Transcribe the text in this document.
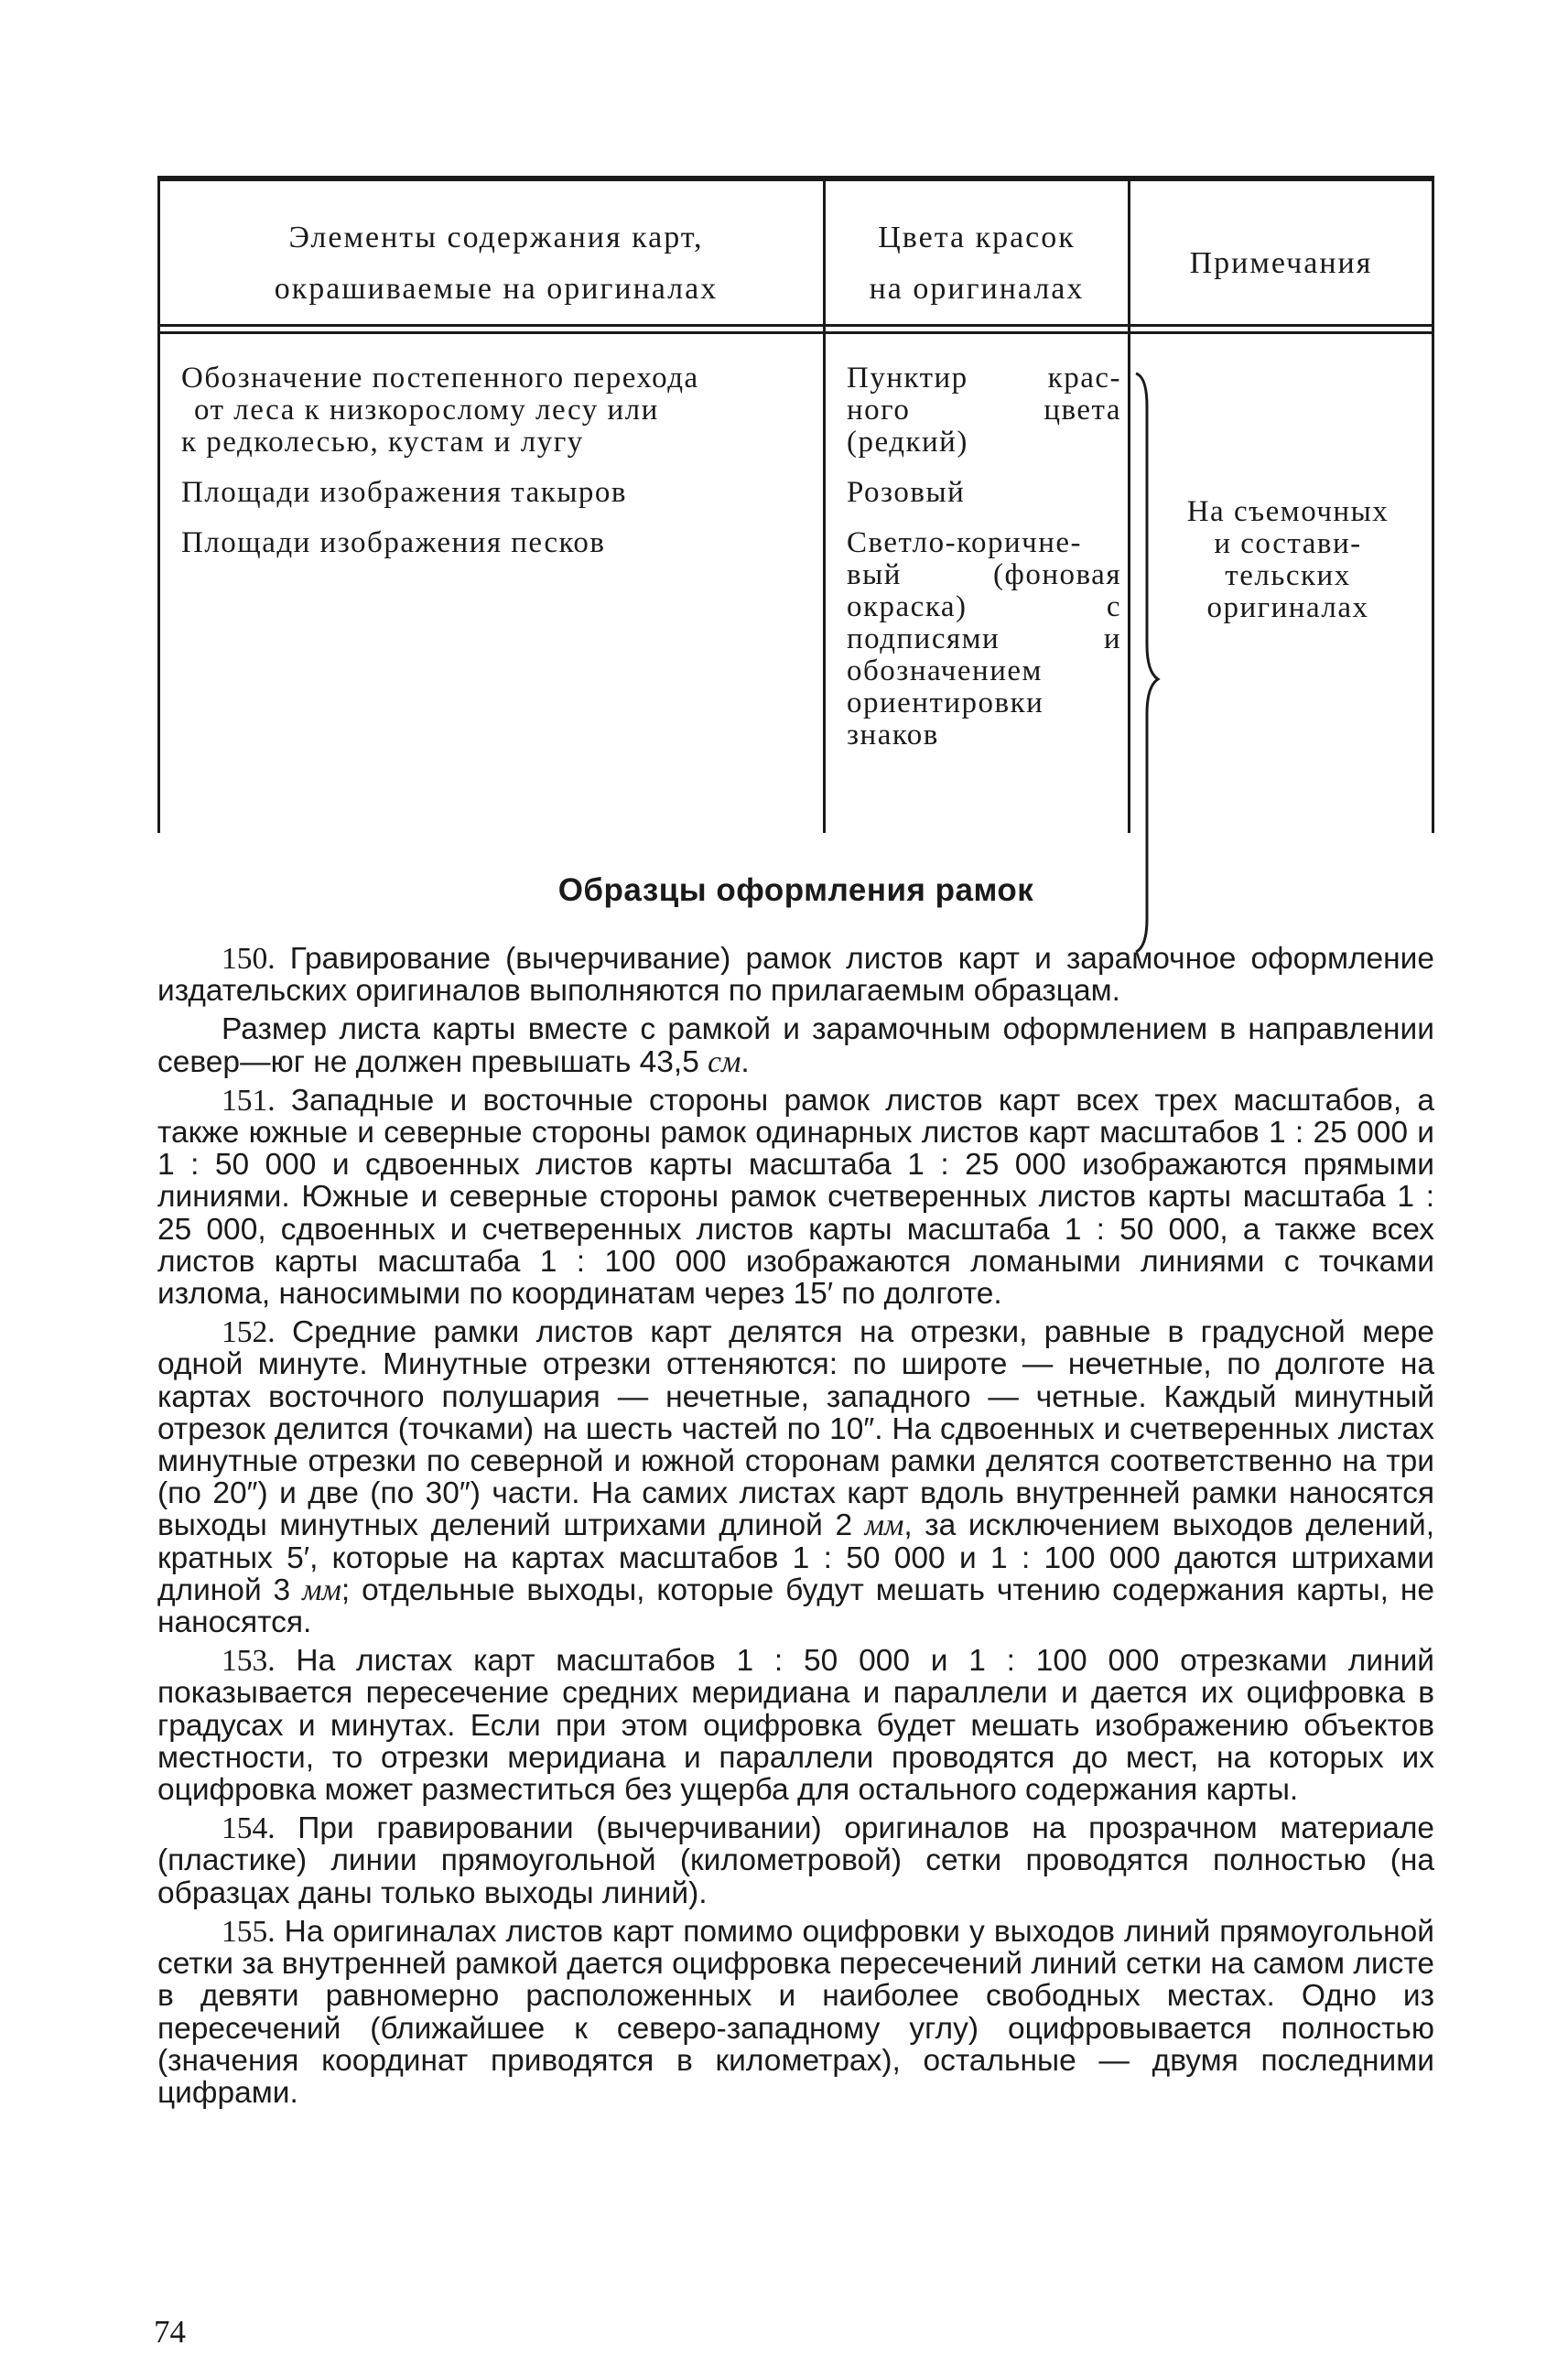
Элементы содержания карт,
окрашиваемые на оригиналах
Цвета красок
на оригиналах
Примечания
Обозначение постепенного перехода
от леса к низкорослому лесу или
к редколесью, кустам и лугу
Площади изображения такыров
Площади изображения песков
Пунктир крас-
ного цвета
(редкий)
Розовый
Светло-коричне-
вый (фоновая
окраска) с
подписями и
обозначением
ориентировки
знаков
На съемочных
и состави-
тельских
оригиналах
Образцы оформления рамок

150. Гравирование (вычерчивание) рамок листов карт и зарамочное оформление издательских оригиналов выполняются по прилагаемым образцам.

Размер листа карты вместе с рамкой и зарамочным оформлением в направлении север—юг не должен превышать 43,5 см.

151. Западные и восточные стороны рамок листов карт всех трех масштабов, а также южные и северные стороны рамок одинарных листов карт масштабов 1 : 25 000 и 1 : 50 000 и сдвоенных листов карты масштаба 1 : 25 000 изображаются прямыми линиями. Южные и северные стороны рамок счетверенных листов карты масштаба 1 : 25 000, сдвоенных и счетверенных листов карты масштаба 1 : 50 000, а также всех листов карты масштаба 1 : 100 000 изображаются ломаными линиями с точками излома, наносимыми по координатам через 15′ по долготе.

152. Средние рамки листов карт делятся на отрезки, равные в градусной мере одной минуте. Минутные отрезки оттеняются: по широте — нечетные, по долготе на картах восточного полушария — нечетные, западного — четные. Каждый минутный отрезок делится (точками) на шесть частей по 10″. На сдвоенных и счетверенных листах минутные отрезки по северной и южной сторонам рамки делятся соответственно на три (по 20″) и две (по 30″) части. На самих листах карт вдоль внутренней рамки наносятся выходы минутных делений штрихами длиной 2 мм, за исключением выходов делений, кратных 5′, которые на картах масштабов 1 : 50 000 и 1 : 100 000 даются штрихами длиной 3 мм; отдельные выходы, которые будут мешать чтению содержания карты, не наносятся.

153. На листах карт масштабов 1 : 50 000 и 1 : 100 000 отрезками линий показывается пересечение средних меридиана и параллели и дается их оцифровка в градусах и минутах. Если при этом оцифровка будет мешать изображению объектов местности, то отрезки меридиана и параллели проводятся до мест, на которых их оцифровка может разместиться без ущерба для остального содержания карты.

154. При гравировании (вычерчивании) оригиналов на прозрачном материале (пластике) линии прямоугольной (километровой) сетки проводятся полностью (на образцах даны только выходы линий).

155. На оригиналах листов карт помимо оцифровки у выходов линий прямоугольной сетки за внутренней рамкой дается оцифровка пересечений линий сетки на самом листе в девяти равномерно расположенных и наиболее свободных местах. Одно из пересечений (ближайшее к северо-западному углу) оцифровывается полностью (значения координат приводятся в километрах), остальные — двумя последними цифрами.

74
